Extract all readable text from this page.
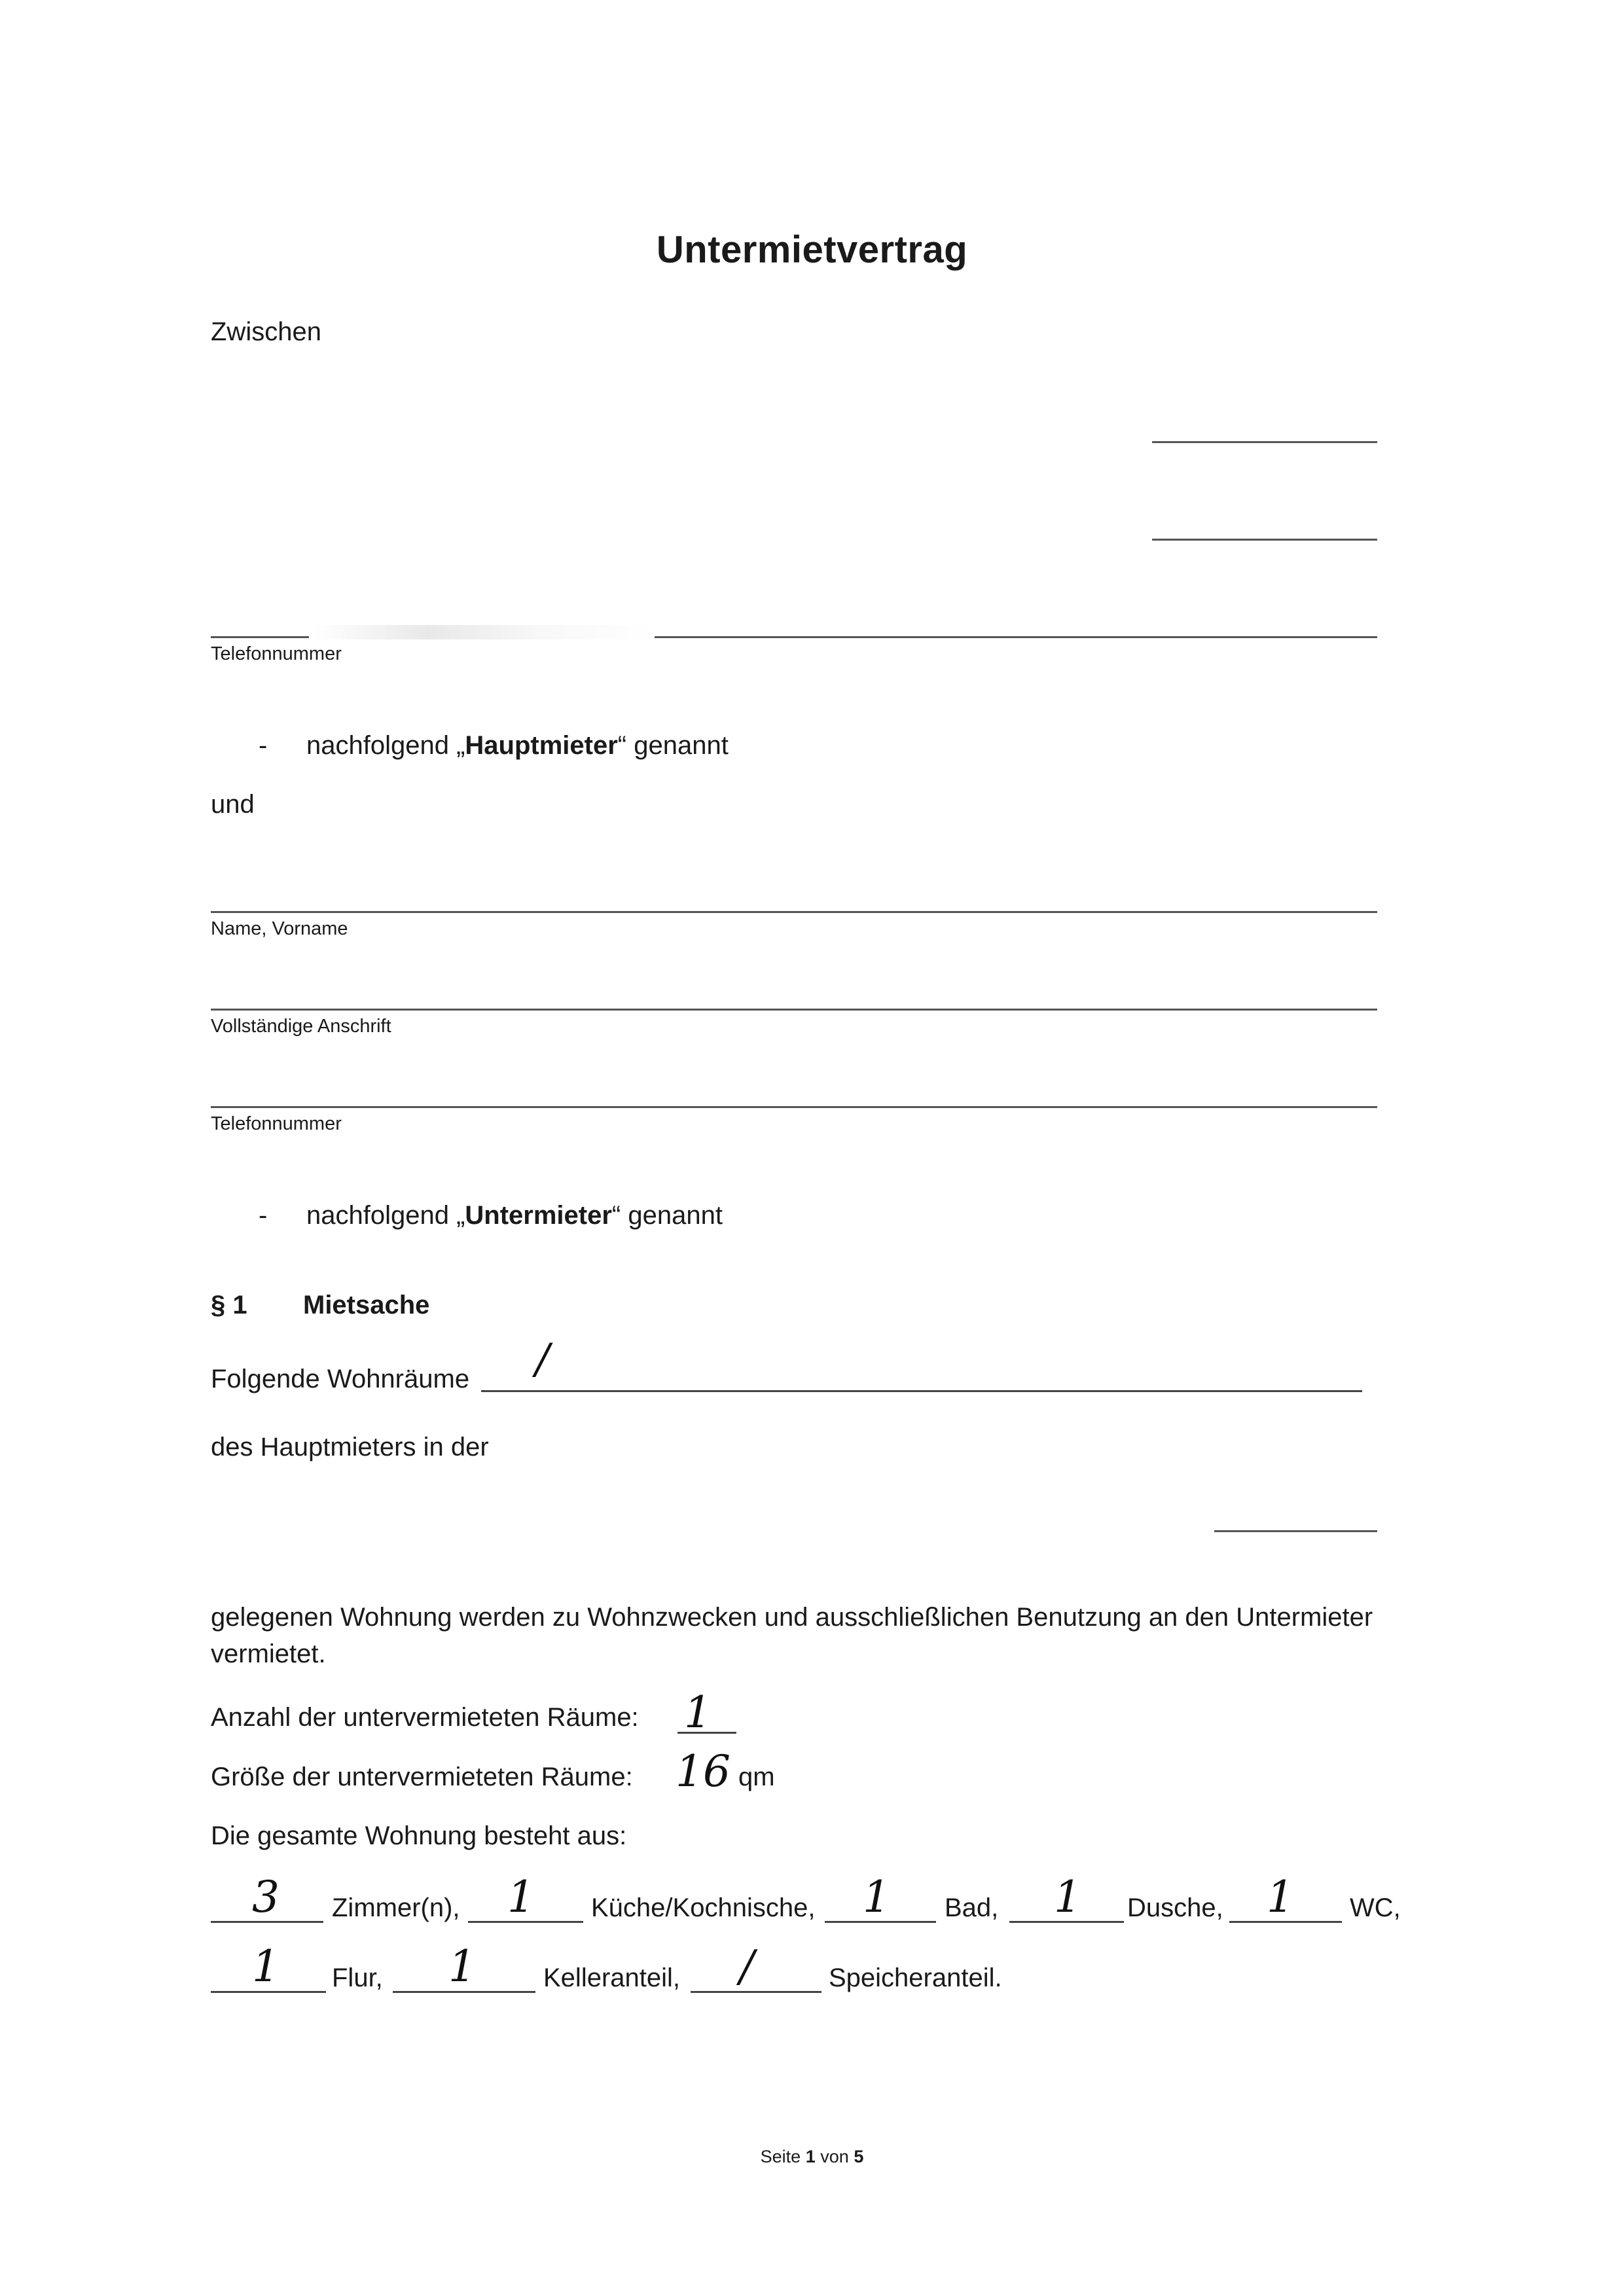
Untermietvertrag
Zwischen
Telefonnummer
- nachfolgend „Hauptmieter“ genannt
und
Name, Vorname
Vollständige Anschrift
Telefonnummer
- nachfolgend „Untermieter“ genannt
§ 1 Mietsache
Folgende Wohnräume /
des Hauptmieters in der
gelegenen Wohnung werden zu Wohnzwecken und ausschließlichen Benutzung an den Untermieter vermietet.
Anzahl der untervermieteten Räume: 1
Größe der untervermieteten Räume: 16 qm
Die gesamte Wohnung besteht aus:
3 Zimmer(n), 1 Küche/Kochnische, 1 Bad, 1 Dusche, 1 WC,
1 Flur, 1	Kelleranteil, /	Speicheranteil.
Seite 1 von 5
